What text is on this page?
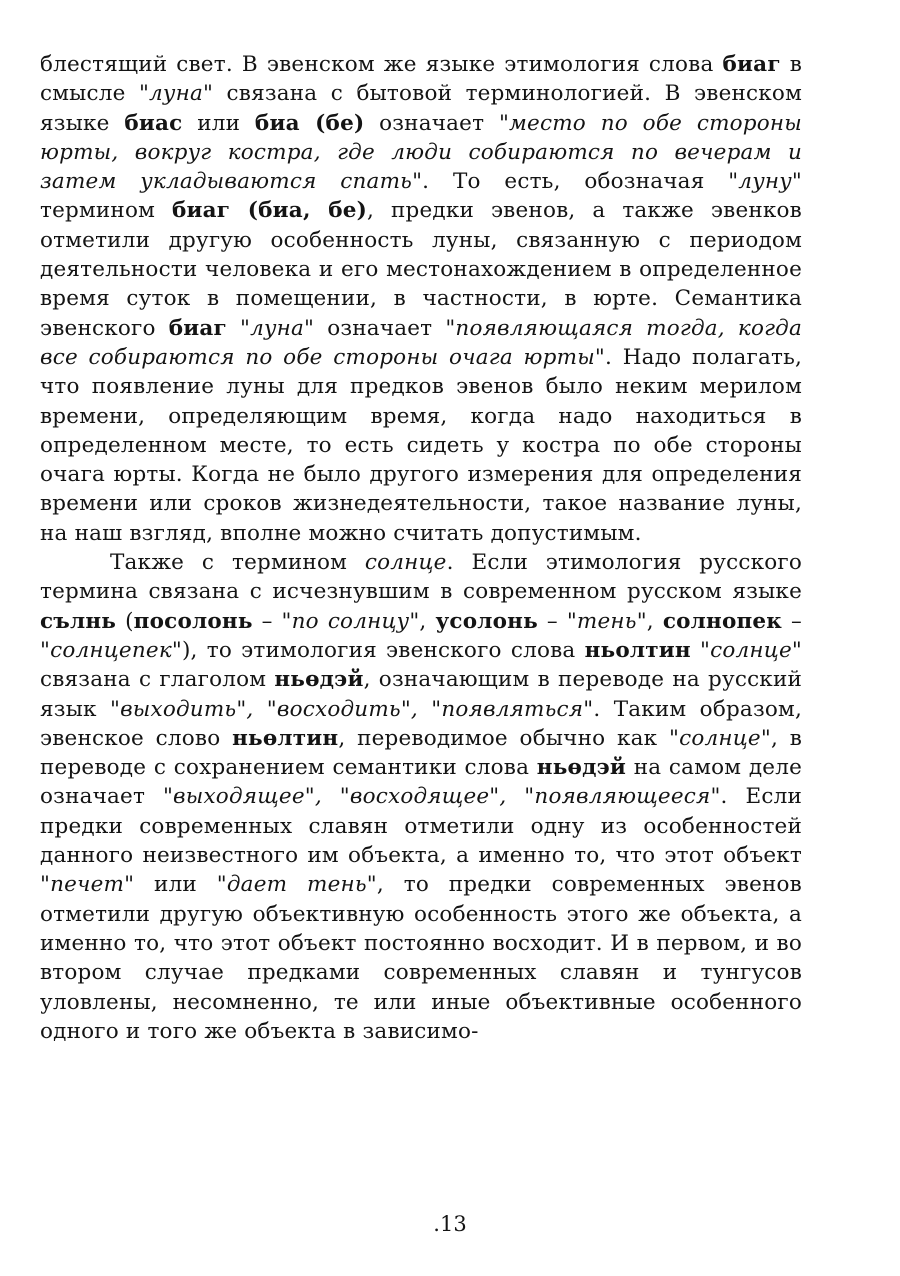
блестящий свет. В эвенском же языке этимология слова биаг в смысле "луна" связана с бытовой терминологией. В эвенском языке биас или биа (бе) означает "место по обе стороны юрты, вокруг костра, где люди собираются по вечерам и затем укладываются спать". То есть, обозначая "луну" термином биаг (биа, бе), предки эвенов, а также эвенков отметили другую особенность луны, связанную с периодом деятельности человека и его местонахождением в определенное время суток в помещении, в частности, в юрте. Семантика эвенского биаг "луна" означает "появляющаяся тогда, когда все собираются по обе стороны очага юрты". Надо полагать, что появление луны для предков эвенов было неким мерилом времени, определяющим время, когда надо находиться в определенном месте, то есть сидеть у костра по обе стороны очага юрты. Когда не было другого измерения для определения времени или сроков жизнедеятельности, такое название луны, на наш взгляд, вполне можно считать допустимым.

Также с термином солнце. Если этимология русского термина связана с исчезнувшим в современном русском языке сълнь (посолонь – "по солнцу", усолонь – "тень", солнопек – "солнцепек"), то этимология эвенского слова ньолтин "солнце" связана с глаголом ньөдэй, означающим в переводе на русский язык "выходить", "восходить", "появляться". Таким образом, эвенское слово ньөлтин, переводимое обычно как "солнце", в переводе с сохранением семантики слова ньөдэй на самом деле означает "выходящее", "восходящее", "появляющееся". Если предки современных славян отметили одну из особенностей данного неизвестного им объекта, а именно то, что этот объект "печет" или "дает тень", то предки современных эвенов отметили другую объективную особенность этого же объекта, а именно то, что этот объект постоянно восходит. И в первом, и во втором случае предками современных славян и тунгусов уловлены, несомненно, те или иные объективные особенного одного и того же объекта в зависимо-

.13
